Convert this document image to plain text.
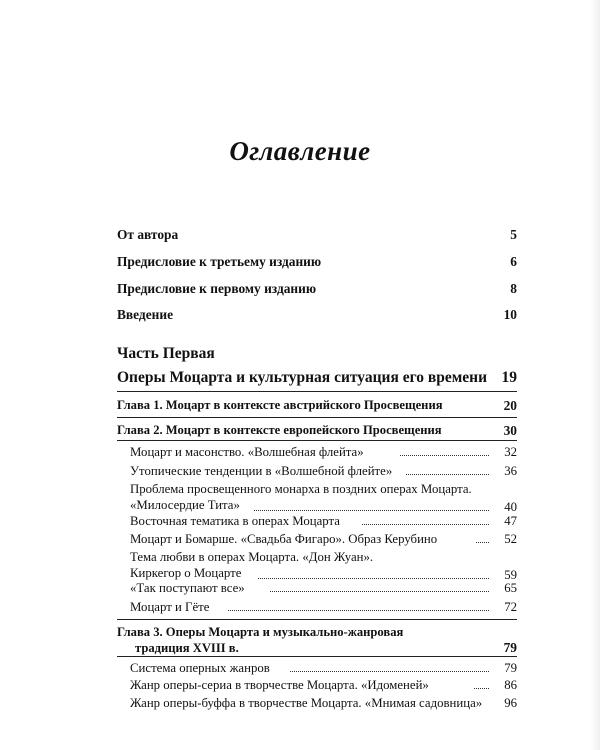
Оглавление
От автора	5
Предисловие к третьему изданию	6
Предисловие к первому изданию	8
Введение	10
Часть Первая
Оперы Моцарта и культурная ситуация его времени 19
Глава 1. Моцарт в контексте австрийского Просвещения	20
Глава 2. Моцарт в контексте европейского Просвещения	30
Моцарт и масонство. «Волшебная флейта»	32
Утопические тенденции в «Волшебной флейте»	36
Проблема просвещенного монарха в поздних операх Моцарта.
«Милосердие Тита»	40
Восточная тематика в операх Моцарта	47
Моцарт и Бомарше. «Свадьба Фигаро». Образ Керубино	52
Тема любви в операх Моцарта. «Дон Жуан».
Киркегор о Моцарте	59
«Так поступают все»	65
Моцарт и Гёте	72
Глава 3. Оперы Моцарта и музыкально-жанровая
традиция XVIII в.	79
Система оперных жанров	79
Жанр оперы-сериа в творчестве Моцарта. «Идоменей»	86
Жанр оперы-буффа в творчестве Моцарта. «Мнимая садовница» 96
